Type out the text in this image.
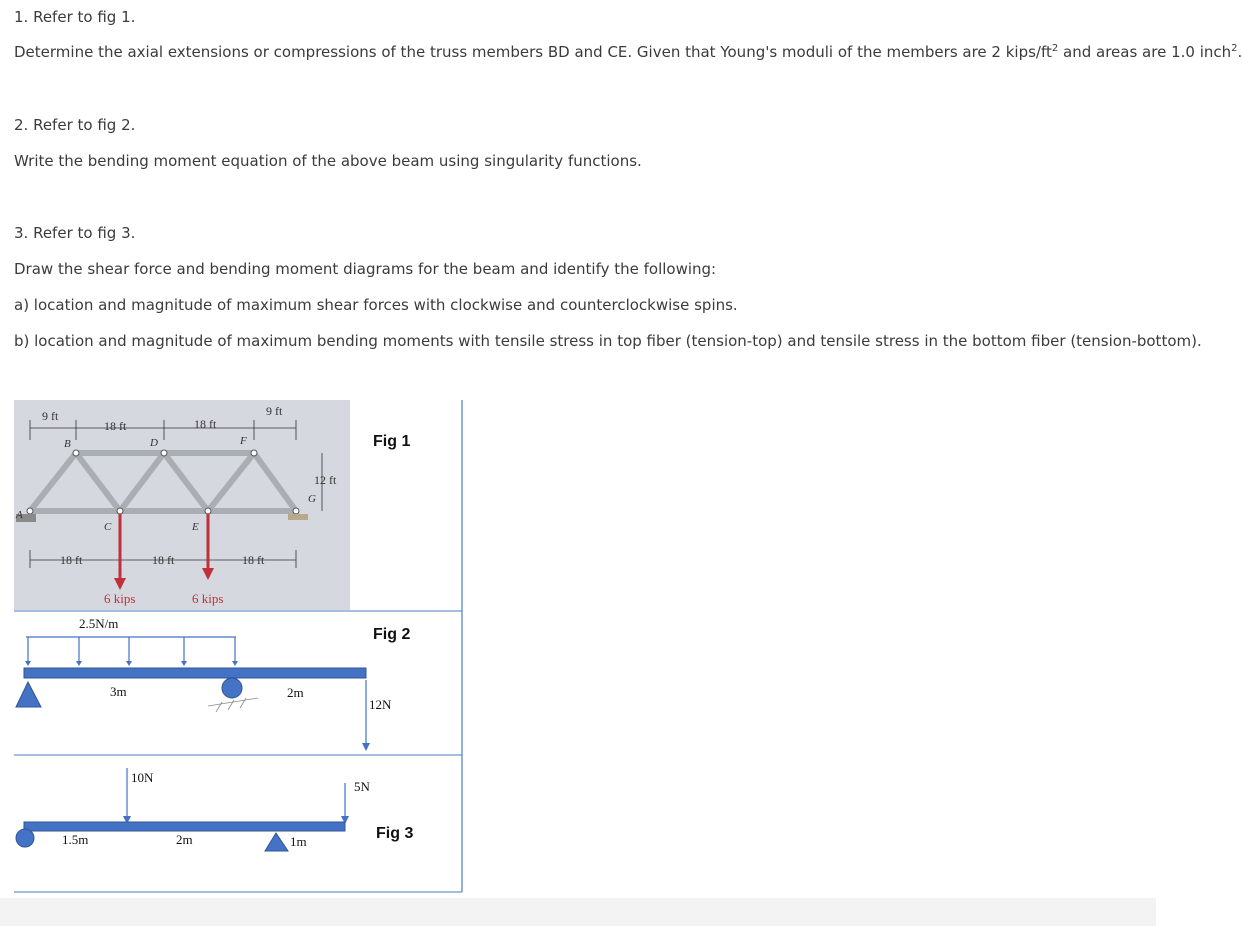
1. Refer to fig 1.

Determine the axial extensions or compressions of the truss members BD and CE. Given that Young's moduli of the members are 2 kips/$ft^2$ and areas are 1.0 inch$^2$.

2. Refer to fig 2.

Write the bending moment equation of the above beam using singularity functions.

3. Refer to fig 3.

Draw the shear force and bending moment diagrams for the beam and identify the following:

a) location and magnitude of maximum shear forces with clockwise and counterclockwise spins.

b) location and magnitude of maximum bending moments with tensile stress in top fiber (tension-top) and tensile stress in the bottom fiber (tension-bottom).

9 ft
18 ft	18 ft
9 ft
18 ft	18 ft	18 ft
12 ft
A
B
C
D
E
F
G
6 kips	6 kips
2.5N/m
3m	2m
12N
10N
5N
1.5m	2m	1m
Fig 1
Fig 2
Fig 3
